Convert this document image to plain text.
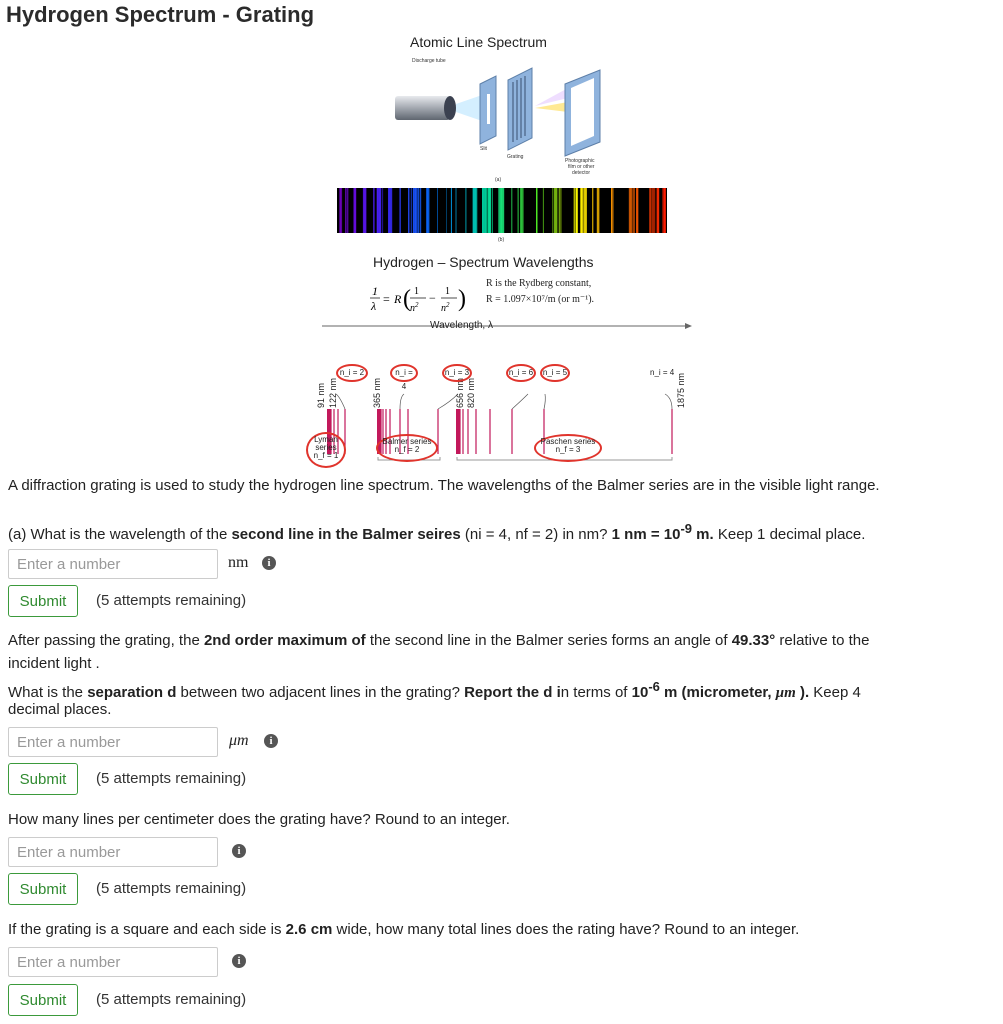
Hydrogen Spectrum - Grating
Atomic Line Spectrum
Discharge tube
Slit
Grating
Photographic
film or other
detector
(a)
(b)
Hydrogen – Spectrum Wavelengths
1
λ = R ( 1
$n^2 - 1$
$n^2$ )
R is the Rydberg constant,
R = 1.097×10⁷/m (or m⁻¹).
Wavelength, λ
91 nm 122 nm	365 nm	656 nm 820 nm	1875 nm
n_i = 2	n_i = 4
n_i = 3	n_i = 6	n_i = 5	n_i = 4
Lyman series
n_f = 1
Balmer series
n_f = 2
Paschen series
n_f = 3
A diffraction grating is used to study the hydrogen line spectrum. The wavelengths of the Balmer series are in the visible light range.
(a) What is the wavelength of the second line in the Balmer seires (ni = 4, nf = 2) in nm? 1 nm = $10^{-9}$ m. Keep 1 decimal place.
Enter a number
nm	i
Submit	(5 attempts remaining)
After passing the grating, the 2nd order maximum of the second line in the Balmer series forms an angle of 49.33° relative to the
incident light .
What is the separation d between two adjacent lines in the grating? Report the d in terms of $10^{-6}$ m (micrometer, μm ). Keep 4
decimal places.
Enter a number
μm	i
Submit	(5 attempts remaining)
How many lines per centimeter does the grating have? Round to an integer.
Enter a number
i
Submit	(5 attempts remaining)
If the grating is a square and each side is 2.6 cm wide, how many total lines does the rating have? Round to an integer.
Enter a number
i
Submit	(5 attempts remaining)
